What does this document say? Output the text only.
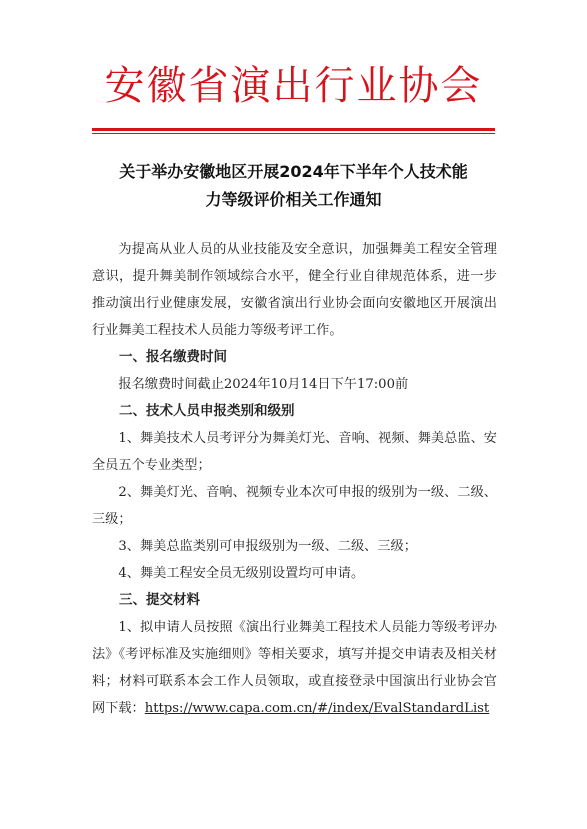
安徽省演出行业协会
关于举办安徽地区开展2024年下半年个人技术能
力等级评价相关工作通知

为提高从业人员的从业技能及安全意识，加强舞美工程安全管理意识，提升舞美制作领域综合水平，健全行业自律规范体系，进一步推动演出行业健康发展，安徽省演出行业协会面向安徽地区开展演出行业舞美工程技术人员能力等级考评工作。

一、报名缴费时间

报名缴费时间截止2024年10月14日下午17:00前

二、技术人员申报类别和级别

1、舞美技术人员考评分为舞美灯光、音响、视频、舞美总监、安全员五个专业类型；

2、舞美灯光、音响、视频专业本次可申报的级别为一级、二级、三级；

3、舞美总监类别可申报级别为一级、二级、三级；

4、舞美工程安全员无级别设置均可申请。

三、提交材料

1、拟申请人员按照《演出行业舞美工程技术人员能力等级考评办法》《考评标准及实施细则》等相关要求，填写并提交申请表及相关材料；材料可联系本会工作人员领取，或直接登录中国演出行业协会官网下载：https://www.capa.com.cn/#/index/EvalStandardList
